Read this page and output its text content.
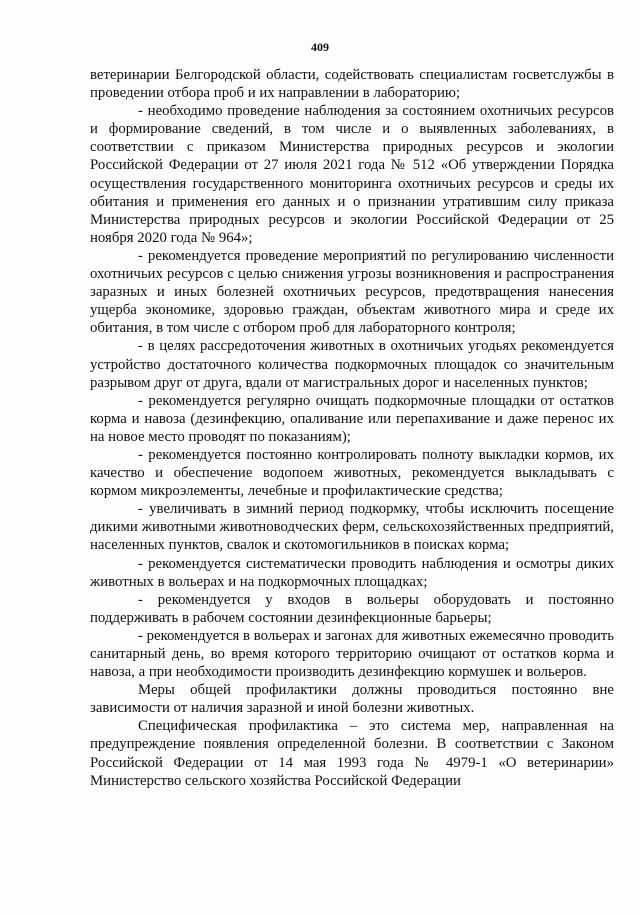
409

ветеринарии Белгородской области, содействовать специалистам госветслужбы в проведении отбора проб и их направлении в лабораторию;

- необходимо проведение наблюдения за состоянием охотничьих ресурсов и формирование сведений, в том числе и о выявленных заболеваниях, в соответствии с приказом Министерства природных ресурсов и экологии Российской Федерации от 27 июля 2021 года № 512 «Об утверждении Порядка осуществления государственного мониторинга охотничьих ресурсов и среды их обитания и применения его данных и о признании утратившим силу приказа Министерства природных ресурсов и экологии Российской Федерации от 25 ноября 2020 года № 964»;

- рекомендуется проведение мероприятий по регулированию численности охотничьих ресурсов с целью снижения угрозы возникновения и распространения заразных и иных болезней охотничьих ресурсов, предотвращения нанесения ущерба экономике, здоровью граждан, объектам животного мира и среде их обитания, в том числе с отбором проб для лабораторного контроля;

- в целях рассредоточения животных в охотничьих угодьях рекомендуется устройство достаточного количества подкормочных площадок со значительным разрывом друг от друга, вдали от магистральных дорог и населенных пунктов;

- рекомендуется регулярно очищать подкормочные площадки от остатков корма и навоза (дезинфекцию, опаливание или перепахивание и даже перенос их на новое место проводят по показаниям);

- рекомендуется постоянно контролировать полноту выкладки кормов, их качество и обеспечение водопоем животных, рекомендуется выкладывать с кормом микроэлементы, лечебные и профилактические средства;

- увеличивать в зимний период подкормку, чтобы исключить посещение дикими животными животноводческих ферм, сельскохозяйственных предприятий, населенных пунктов, свалок и скотомогильников в поисках корма;

- рекомендуется систематически проводить наблюдения и осмотры диких животных в вольерах и на подкормочных площадках;

- рекомендуется у входов в вольеры оборудовать и постоянно поддерживать в рабочем состоянии дезинфекционные барьеры;

- рекомендуется в вольерах и загонах для животных ежемесячно проводить санитарный день, во время которого территорию очищают от остатков корма и навоза, а при необходимости производить дезинфекцию кормушек и вольеров.

Меры общей профилактики должны проводиться постоянно вне зависимости от наличия заразной и иной болезни животных.

Специфическая профилактика – это система мер, направленная на предупреждение появления определенной болезни. В соответствии с Законом Российской Федерации от 14 мая 1993 года № 4979-1 «О ветеринарии» Министерство сельского хозяйства Российской Федерации
